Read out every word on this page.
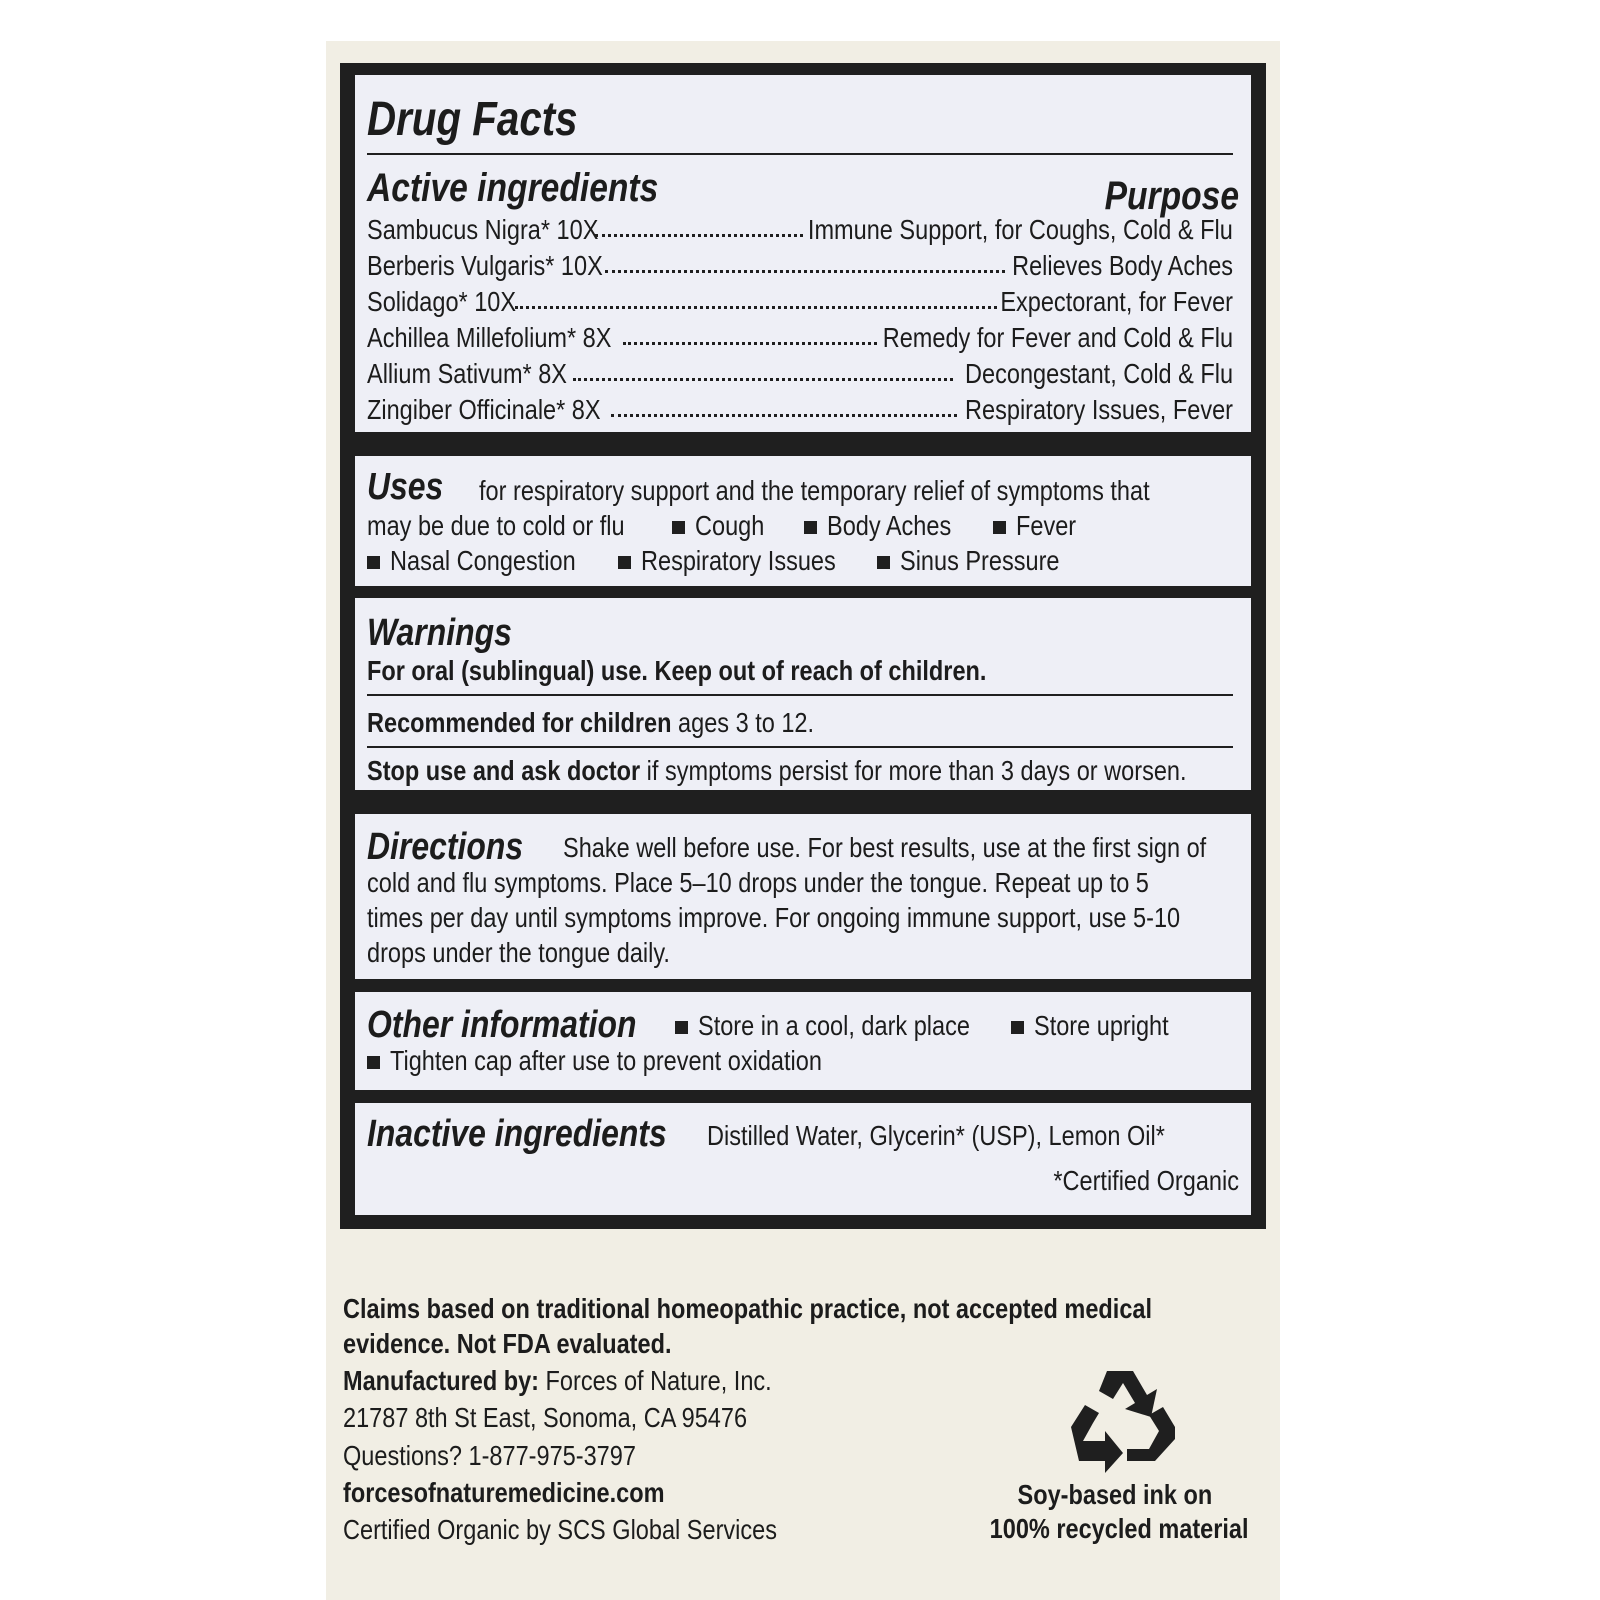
Drug Facts
Active ingredients	Purpose
Sambucus Nigra* 10X	Immune Support, for Coughs, Cold & Flu
Berberis Vulgaris* 10X	Relieves Body Aches
Solidago* 10X	Expectorant, for Fever
Achillea Millefolium* 8X	Remedy for Fever and Cold & Flu
Allium Sativum* 8X	Decongestant, Cold & Flu
Zingiber Officinale* 8X	Respiratory Issues, Fever
Uses	for respiratory support and the temporary relief of symptoms that
may be due to cold or flu	Cough	Body Aches	Fever
Nasal Congestion	Respiratory Issues	Sinus Pressure
Warnings
For oral (sublingual) use. Keep out of reach of children.
Recommended for children ages 3 to 12.
Stop use and ask doctor if symptoms persist for more than 3 days or worsen.
Directions	Shake well before use. For best results, use at the first sign of
cold and flu symptoms. Place 5–10 drops under the tongue. Repeat up to 5
times per day until symptoms improve. For ongoing immune support, use 5-10
drops under the tongue daily.
Other information	Store in a cool, dark place	Store upright
Tighten cap after use to prevent oxidation
Inactive ingredients	Distilled Water, Glycerin* (USP), Lemon Oil*
*Certified Organic
Claims based on traditional homeopathic practice, not accepted medical
evidence. Not FDA evaluated.
Manufactured by: Forces of Nature, Inc.
21787 8th St East, Sonoma, CA 95476
Questions? 1-877-975-3797
forcesofnaturemedicine.com
Certified Organic by SCS Global Services
Soy-based ink on
100% recycled material
